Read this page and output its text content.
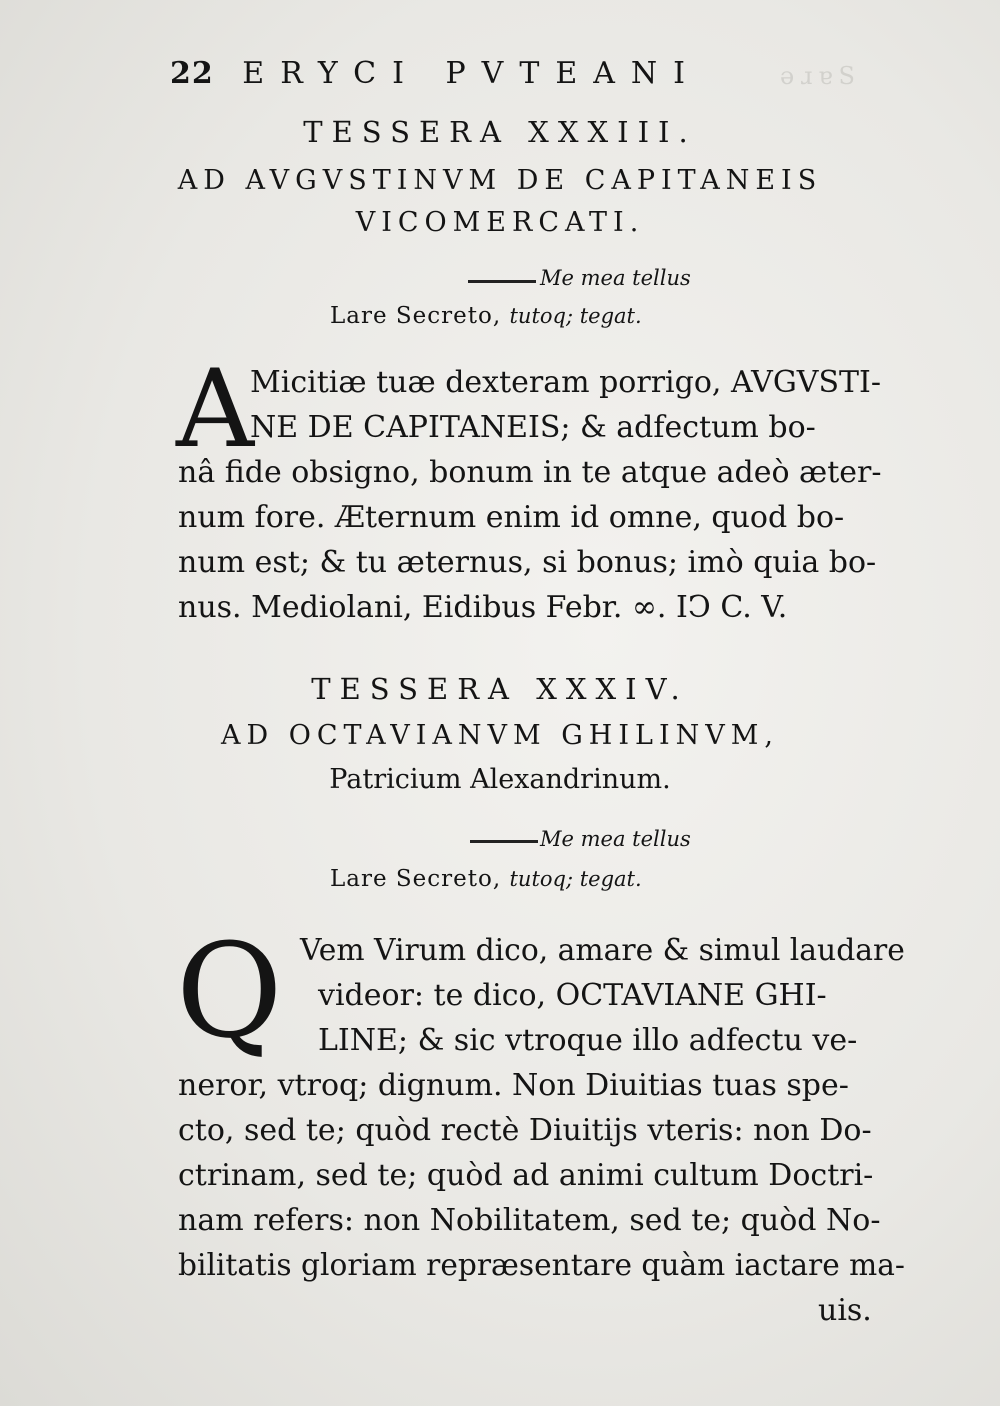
ǝɹɐS
22 ERYCI PVTEANI
TESSERA XXXIII.
AD AVGVSTINVM DE CAPITANEIS
VICOMERCATI.
Me mea tellus
Lare Secreto, tutoq; tegat.
A
Micitiæ tuæ dexteram porrigo, AVGVSTI-
NE DE CAPITANEIS; & adfectum bo-
nâ fide obsigno, bonum in te atque adeò æter-
num fore. Æternum enim id omne, quod bo-
num est; & tu æternus, si bonus; imò quia bo-
nus. Mediolani, Eidibus Febr. ∞. IↃ C. V.
TESSERA XXXIV.
AD OCTAVIANVM GHILINVM,
Patricium Alexandrinum.
Me mea tellus
Lare Secreto, tutoq; tegat.
Q Vem Virum dico, amare & simul laudare
videor: te dico, OCTAVIANE GHI-
LINE; & sic vtroque illo adfectu ve-
neror, vtroq; dignum. Non Diuitias tuas spe-
cto, sed te; quòd rectè Diuitijs vteris: non Do-
ctrinam, sed te; quòd ad animi cultum Doctri-
nam refers: non Nobilitatem, sed te; quòd No-
bilitatis gloriam repræsentare quàm iactare ma-
uis.
